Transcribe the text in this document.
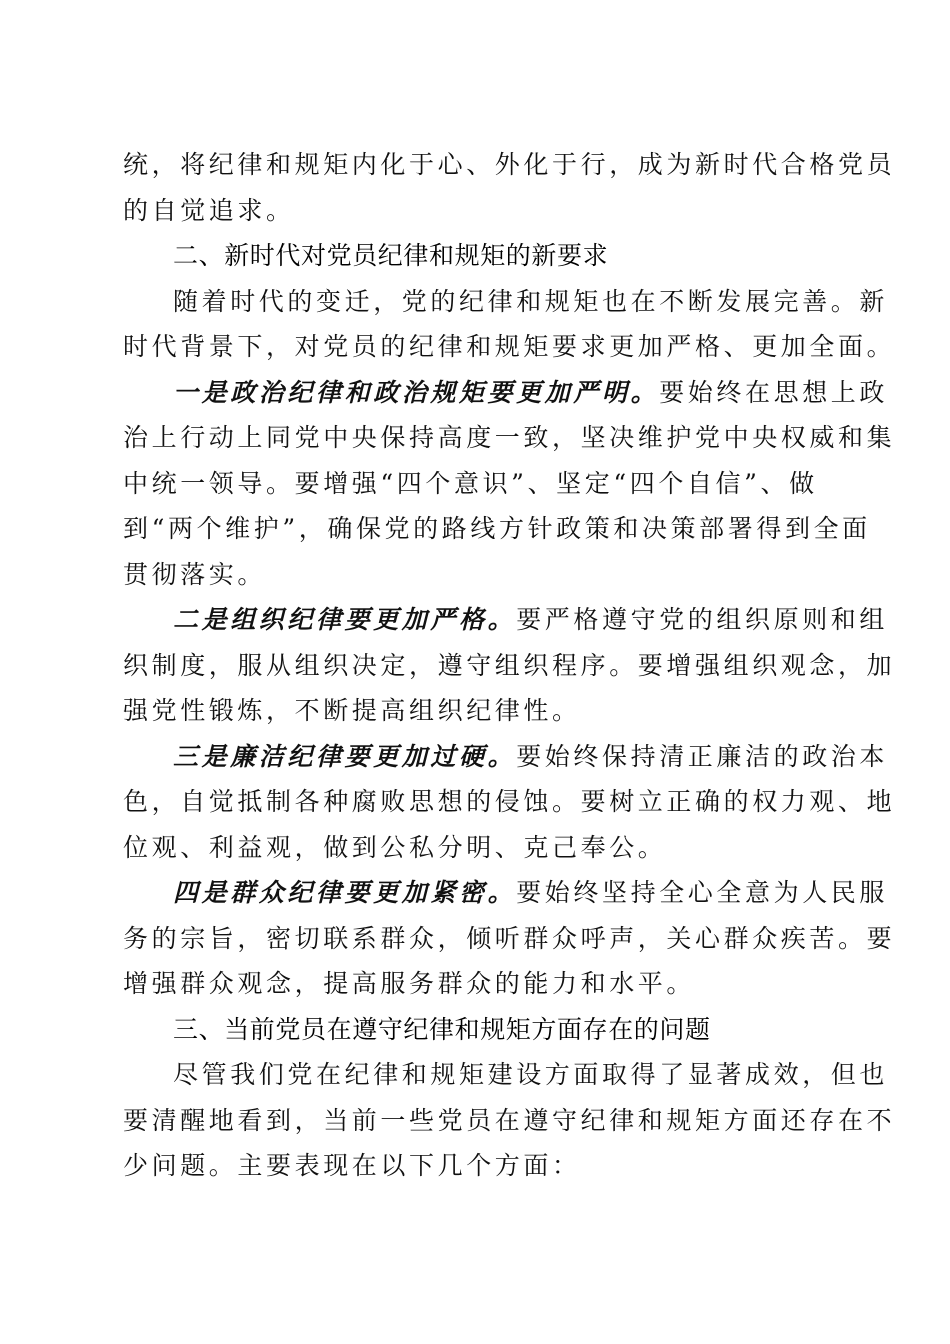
统，将纪律和规矩内化于心、外化于行，成为新时代合格党员
的自觉追求。
二、新时代对党员纪律和规矩的新要求
随着时代的变迁，党的纪律和规矩也在不断发展完善。新
时代背景下，对党员的纪律和规矩要求更加严格、更加全面。
一是政治纪律和政治规矩要更加严明。要始终在思想上政
治上行动上同党中央保持高度一致，坚决维护党中央权威和集
中统一领导。要增强“四个意识”、坚定“四个自信”、做
到“两个维护”，确保党的路线方针政策和决策部署得到全面
贯彻落实。
二是组织纪律要更加严格。要严格遵守党的组织原则和组
织制度，服从组织决定，遵守组织程序。要增强组织观念，加
强党性锻炼，不断提高组织纪律性。
三是廉洁纪律要更加过硬。要始终保持清正廉洁的政治本
色，自觉抵制各种腐败思想的侵蚀。要树立正确的权力观、地
位观、利益观，做到公私分明、克己奉公。
四是群众纪律要更加紧密。要始终坚持全心全意为人民服
务的宗旨，密切联系群众，倾听群众呼声，关心群众疾苦。要
增强群众观念，提高服务群众的能力和水平。
三、当前党员在遵守纪律和规矩方面存在的问题
尽管我们党在纪律和规矩建设方面取得了显著成效，但也
要清醒地看到，当前一些党员在遵守纪律和规矩方面还存在不
少问题。主要表现在以下几个方面：
